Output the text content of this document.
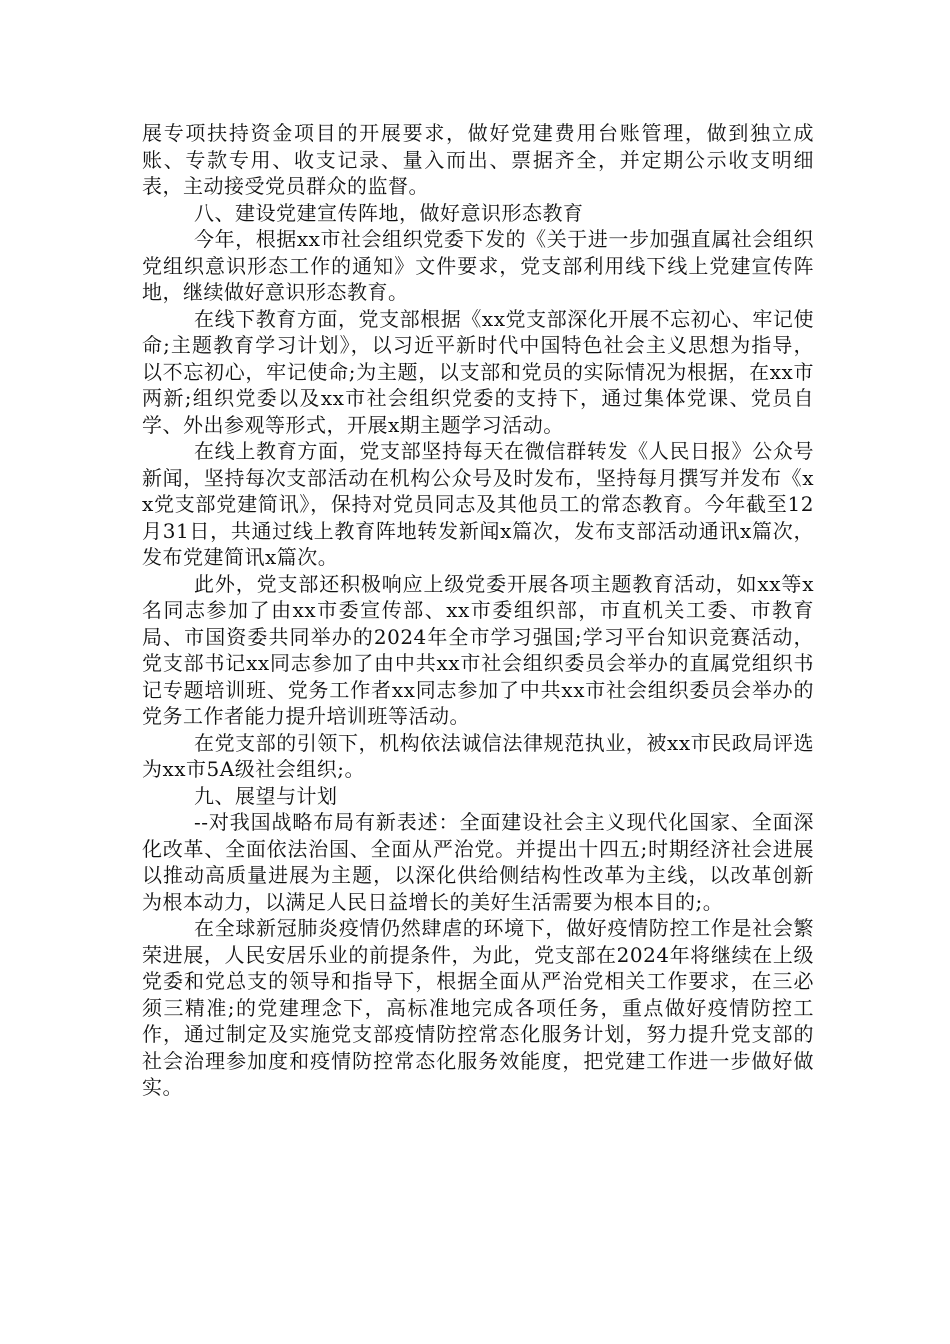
展专项扶持资金项目的开展要求，做好党建费用台账管理，做到独立成账、专款专用、收支记录、量入而出、票据齐全，并定期公示收支明细表，主动接受党员群众的监督。

八、建设党建宣传阵地，做好意识形态教育

今年，根据xx市社会组织党委下发的《关于进一步加强直属社会组织党组织意识形态工作的通知》文件要求，党支部利用线下线上党建宣传阵地，继续做好意识形态教育。

在线下教育方面，党支部根据《xx党支部深化开展不忘初心、牢记使命;主题教育学习计划》，以习近平新时代中国特色社会主义思想为指导，以不忘初心，牢记使命;为主题，以支部和党员的实际情况为根据，在xx市两新;组织党委以及xx市社会组织党委的支持下，通过集体党课、党员自学、外出参观等形式，开展x期主题学习活动。

在线上教育方面，党支部坚持每天在微信群转发《人民日报》公众号新闻，坚持每次支部活动在机构公众号及时发布，坚持每月撰写并发布《xx党支部党建简讯》，保持对党员同志及其他员工的常态教育。今年截至12月31日，共通过线上教育阵地转发新闻x篇次，发布支部活动通讯x篇次，发布党建简讯x篇次。

此外，党支部还积极响应上级党委开展各项主题教育活动，如xx等x名同志参加了由xx市委宣传部、xx市委组织部，市直机关工委、市教育局、市国资委共同举办的2024年全市学习强国;学习平台知识竞赛活动，党支部书记xx同志参加了由中共xx市社会组织委员会举办的直属党组织书记专题培训班、党务工作者xx同志参加了中共xx市社会组织委员会举办的党务工作者能力提升培训班等活动。

在党支部的引领下，机构依法诚信法律规范执业，被xx市民政局评选为xx市5A级社会组织;。

九、展望与计划

--对我国战略布局有新表述：全面建设社会主义现代化国家、全面深化改革、全面依法治国、全面从严治党。并提出十四五;时期经济社会进展以推动高质量进展为主题，以深化供给侧结构性改革为主线，以改革创新为根本动力，以满足人民日益增长的美好生活需要为根本目的;。

在全球新冠肺炎疫情仍然肆虐的环境下，做好疫情防控工作是社会繁荣进展，人民安居乐业的前提条件，为此，党支部在2024年将继续在上级党委和党总支的领导和指导下，根据全面从严治党相关工作要求，在三必须三精准;的党建理念下，高标准地完成各项任务，重点做好疫情防控工作，通过制定及实施党支部疫情防控常态化服务计划，努力提升党支部的社会治理参加度和疫情防控常态化服务效能度，把党建工作进一步做好做实。
